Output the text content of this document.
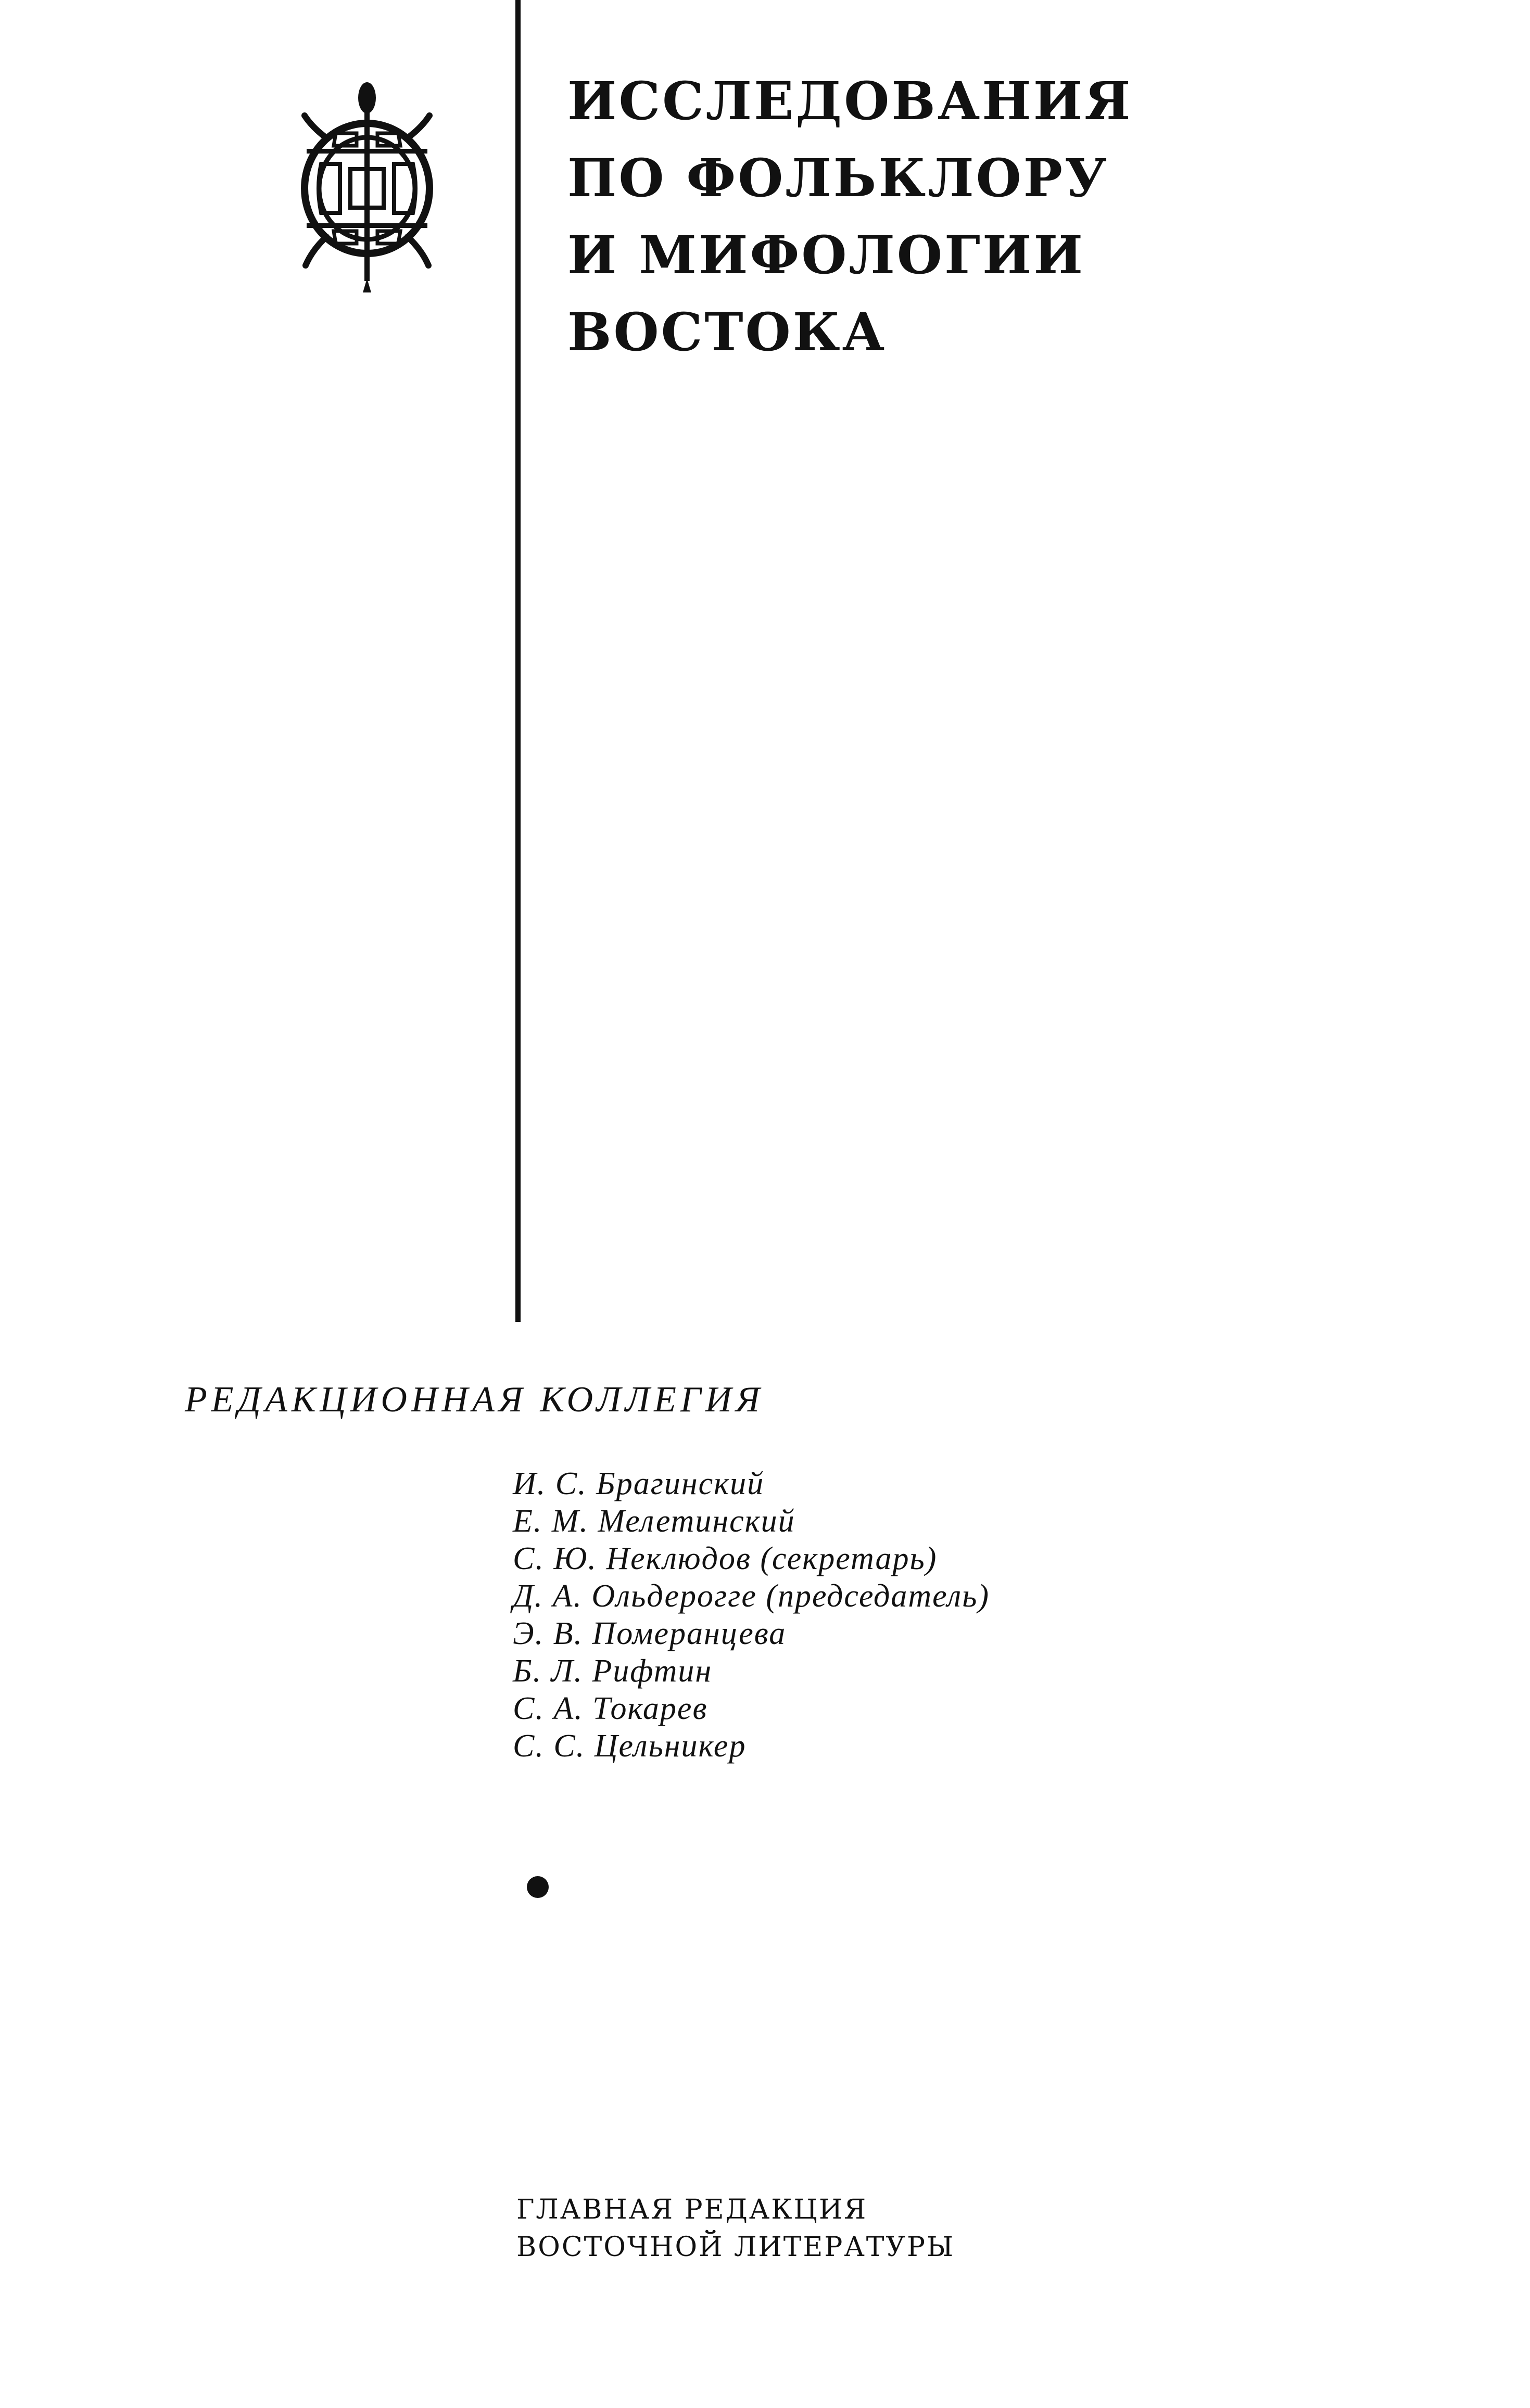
ИССЛЕДОВАНИЯ
ПО ФОЛЬКЛОРУ
И МИФОЛОГИИ
ВОСТОКА
РЕДАКЦИОННАЯ КОЛЛЕГИЯ
И. С. Брагинский
Е. М. Мелетинский
С. Ю. Неклюдов (секретарь)
Д. А. Ольдерогге (председатель)
Э. В. Померанцева
Б. Л. Рифтин
С. А. Токарев
С. С. Цельникер
ГЛАВНАЯ РЕДАКЦИЯ
ВОСТОЧНОЙ ЛИТЕРАТУРЫ
